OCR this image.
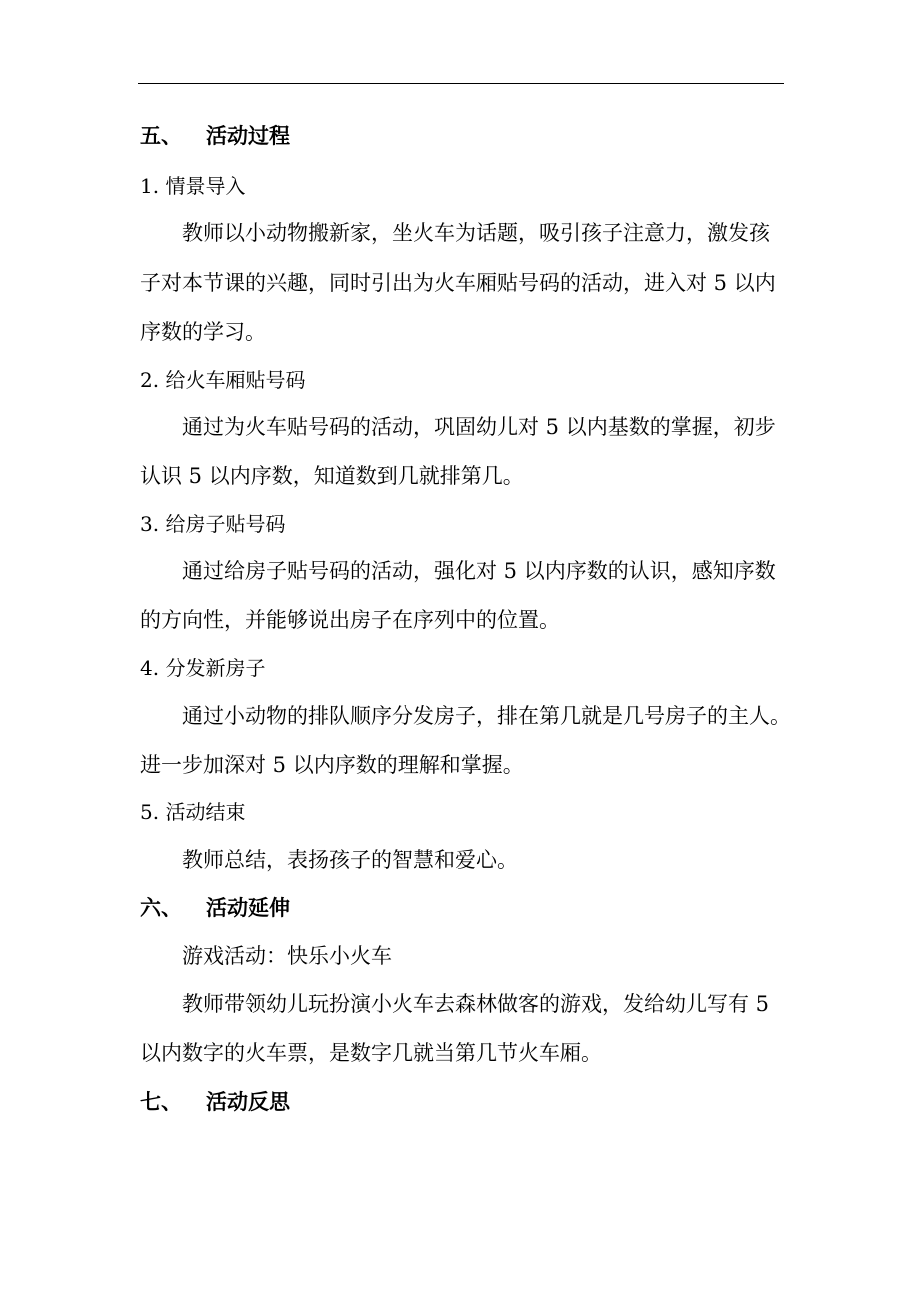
五、 活动过程
1. 情景导入
教师以小动物搬新家，坐火车为话题，吸引孩子注意力，激发孩
子对本节课的兴趣，同时引出为火车厢贴号码的活动，进入对 5 以内
序数的学习。
2. 给火车厢贴号码
通过为火车贴号码的活动，巩固幼儿对 5 以内基数的掌握，初步
认识 5 以内序数，知道数到几就排第几。
3. 给房子贴号码
通过给房子贴号码的活动，强化对 5 以内序数的认识，感知序数
的方向性，并能够说出房子在序列中的位置。
4. 分发新房子
通过小动物的排队顺序分发房子，排在第几就是几号房子的主人。
进一步加深对 5 以内序数的理解和掌握。
5. 活动结束
教师总结，表扬孩子的智慧和爱心。
六、 活动延伸
游戏活动：快乐小火车
教师带领幼儿玩扮演小火车去森林做客的游戏，发给幼儿写有 5
以内数字的火车票，是数字几就当第几节火车厢。
七、 活动反思
